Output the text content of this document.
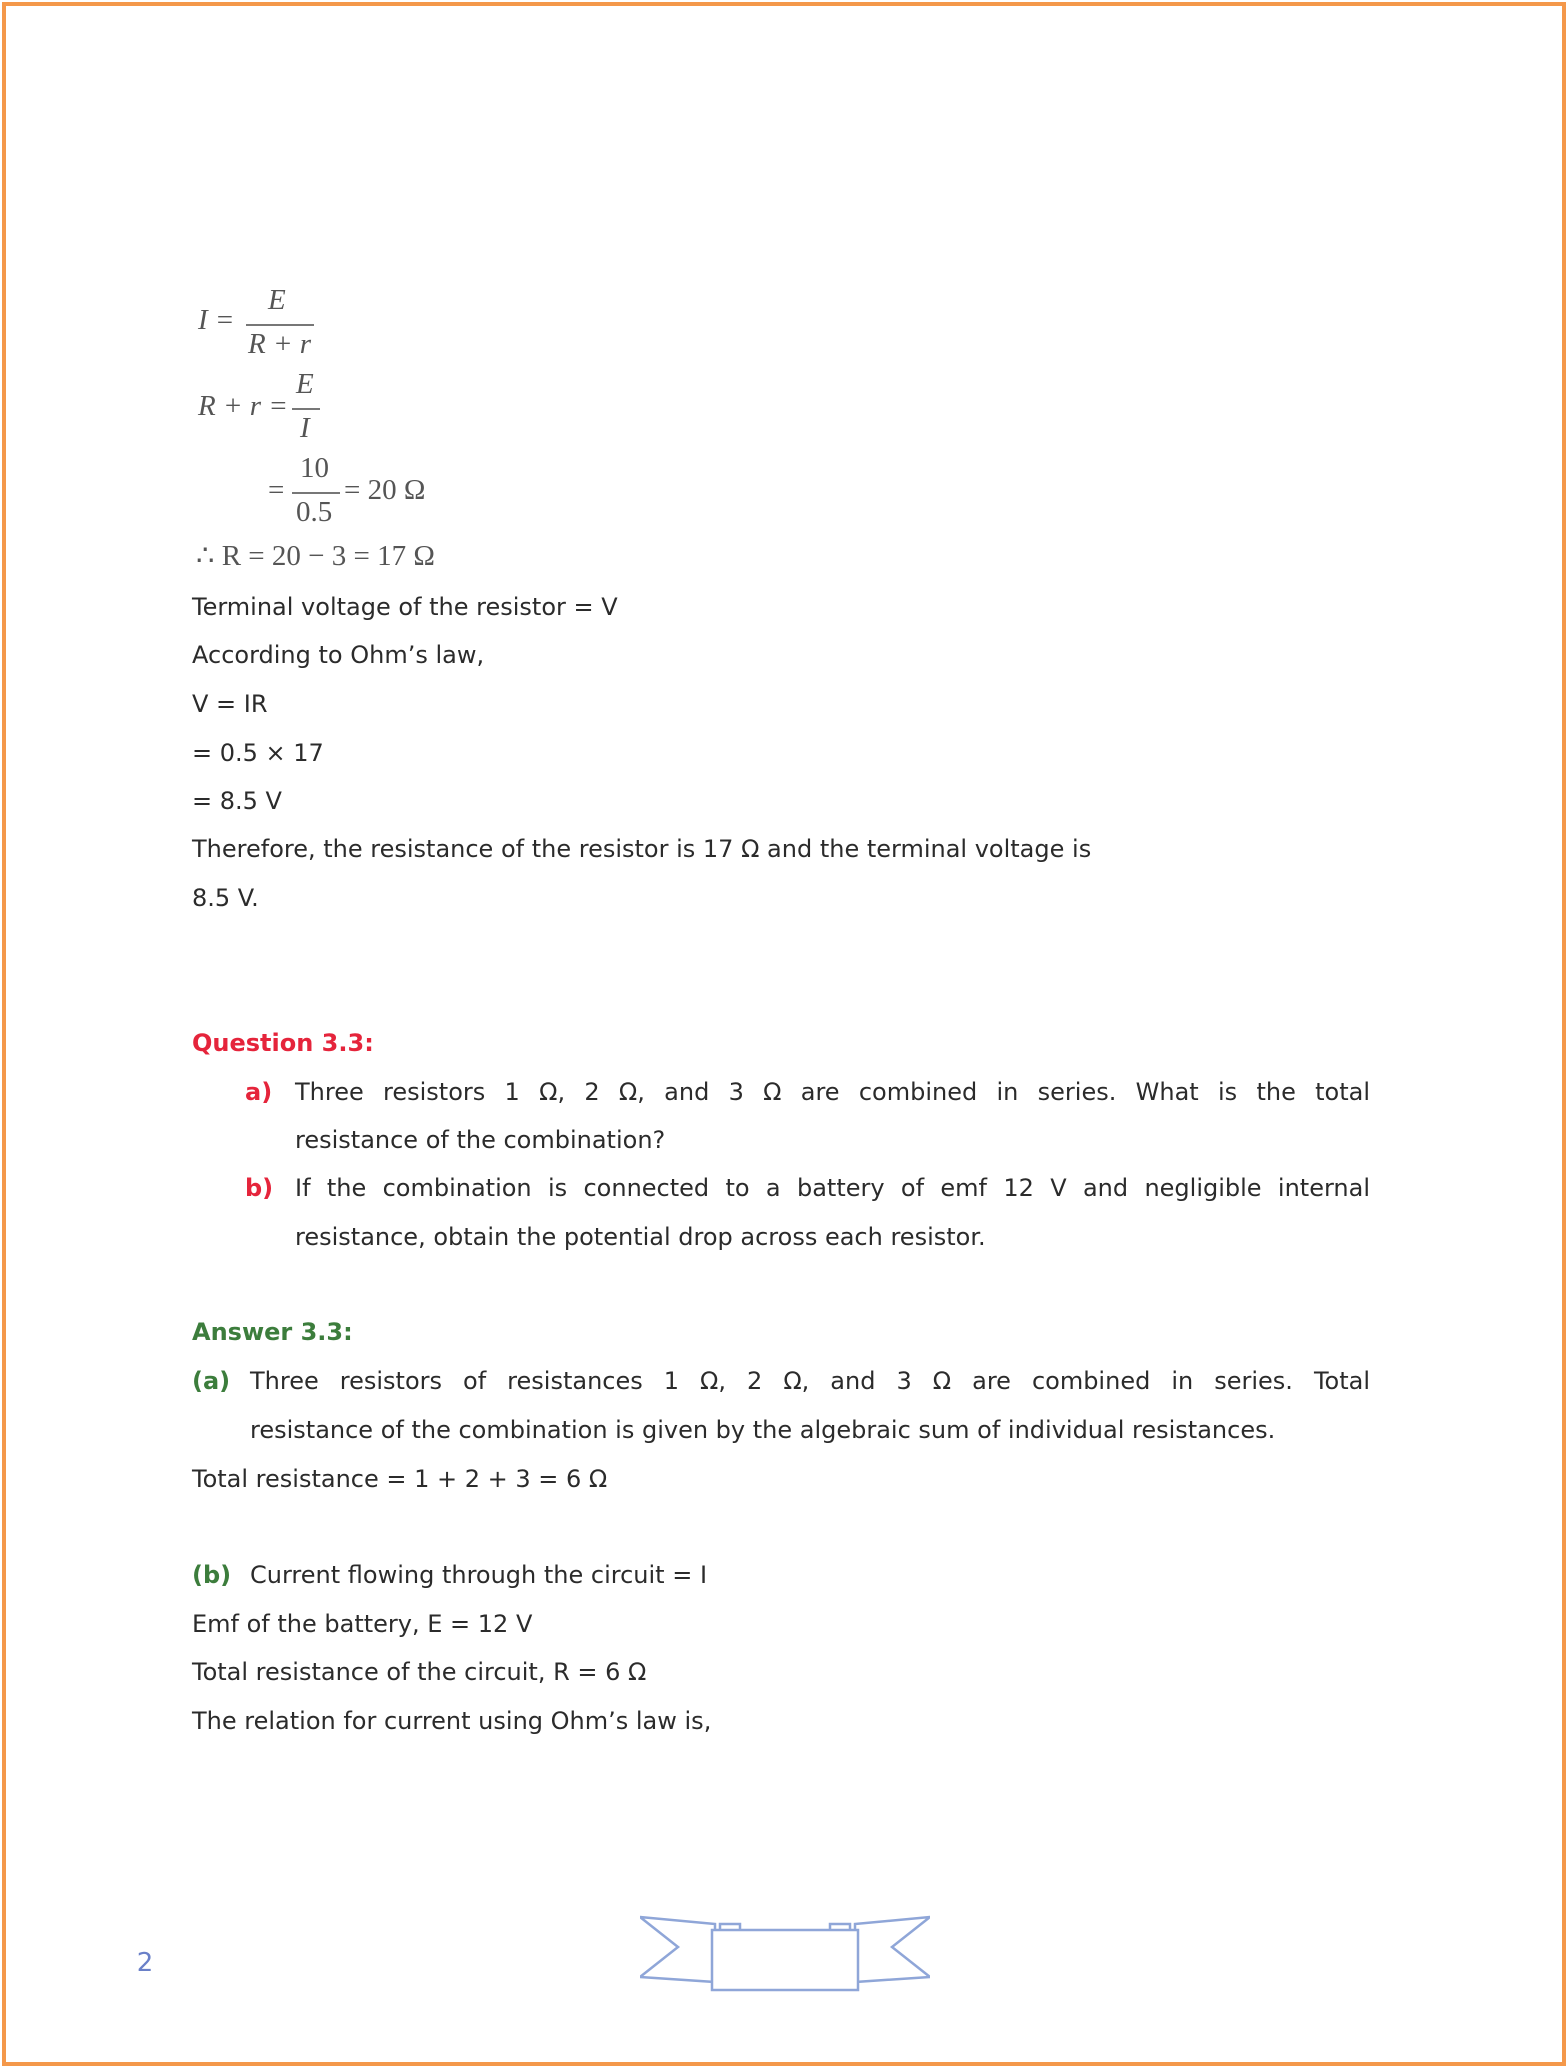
I =
E
R + r
R + r =
E
I
=
10
0.5
= 20 Ω
∴ R = 20 − 3 = 17 Ω
Terminal voltage of the resistor = V
According to Ohm’s law,
V = IR
= 0.5 × 17
= 8.5 V
Therefore, the resistance of the resistor is 17 Ω and the terminal voltage is
8.5 V.
Question 3.3:
a) Three resistors 1 Ω, 2 Ω, and 3 Ω are combined in series. What is the total
resistance of the combination?
b) If the combination is connected to a battery of emf 12 V and negligible internal
resistance, obtain the potential drop across each resistor.
Answer 3.3:
(a) Three resistors of resistances 1 Ω, 2 Ω, and 3 Ω are combined in series. Total
resistance of the combination is given by the algebraic sum of individual resistances.
Total resistance = 1 + 2 + 3 = 6 Ω
(b) Current flowing through the circuit = I
Emf of the battery, E = 12 V
Total resistance of the circuit, R = 6 Ω
The relation for current using Ohm’s law is,
2
